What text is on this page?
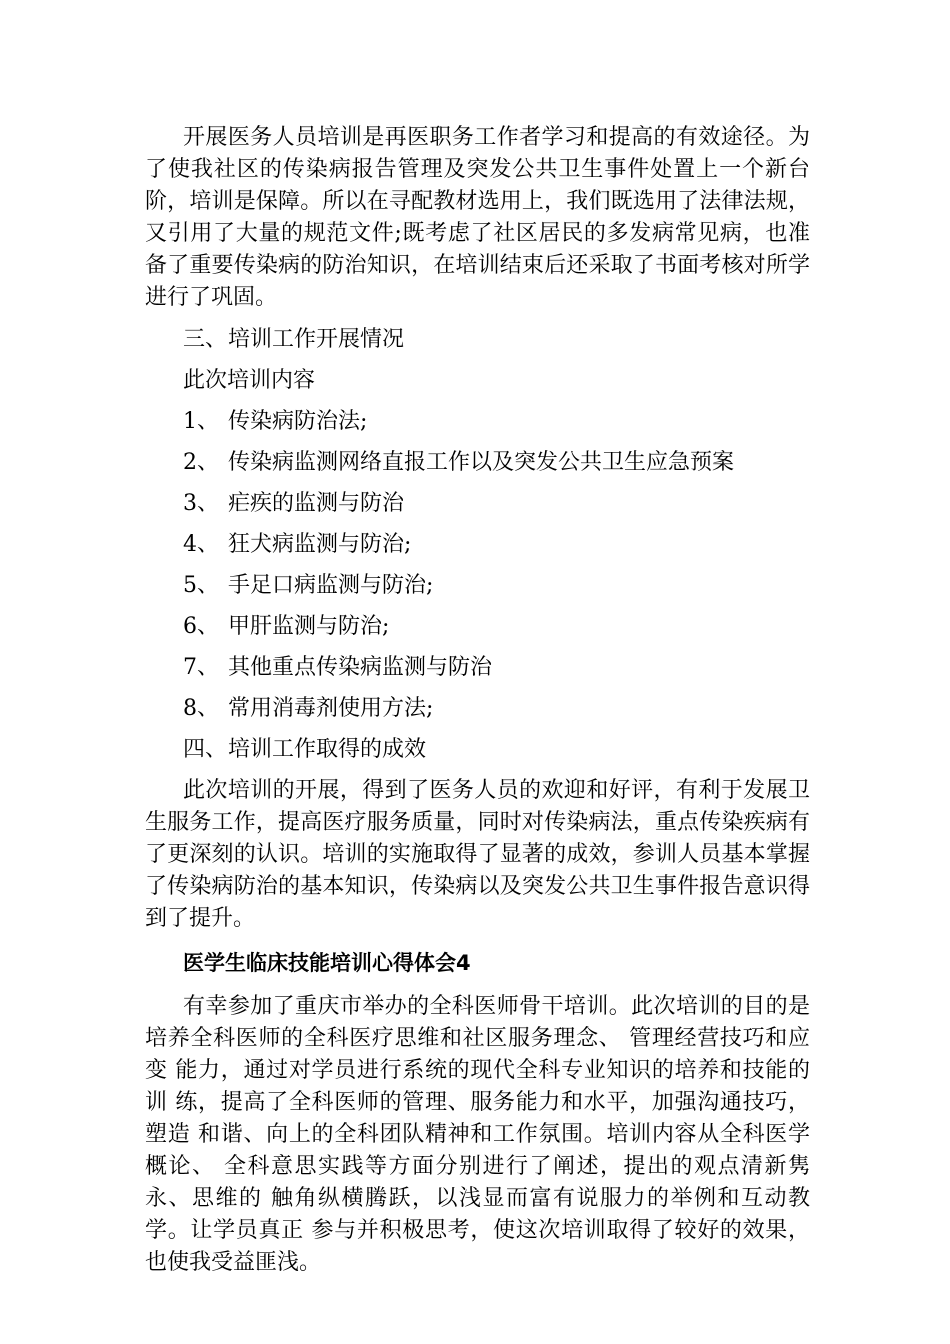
开展医务人员培训是再医职务工作者学习和提高的有效途径。为了使我社区的传染病报告管理及突发公共卫生事件处置上一个新台阶，培训是保障。所以在寻配教材选用上，我们既选用了法律法规，又引用了大量的规范文件;既考虑了社区居民的多发病常见病，也准备了重要传染病的防治知识，在培训结束后还采取了书面考核对所学进行了巩固。

三、培训工作开展情况
此次培训内容
1、 传染病防治法;
2、 传染病监测网络直报工作以及突发公共卫生应急预案
3、 疟疾的监测与防治
4、 狂犬病监测与防治;
5、 手足口病监测与防治;
6、 甲肝监测与防治;
7、 其他重点传染病监测与防治
8、 常用消毒剂使用方法;
四、培训工作取得的成效

此次培训的开展，得到了医务人员的欢迎和好评，有利于发展卫生服务工作，提高医疗服务质量，同时对传染病法，重点传染疾病有了更深刻的认识。培训的实施取得了显著的成效，参训人员基本掌握了传染病防治的基本知识，传染病以及突发公共卫生事件报告意识得到了提升。

医学生临床技能培训心得体会4

有幸参加了重庆市举办的全科医师骨干培训。此次培训的目的是 培养全科医师的全科医疗思维和社区服务理念、 管理经营技巧和应变 能力，通过对学员进行系统的现代全科专业知识的培养和技能的训 练，提高了全科医师的管理、服务能力和水平，加强沟通技巧，塑造 和谐、向上的全科团队精神和工作氛围。培训内容从全科医学概论、 全科意思实践等方面分别进行了阐述，提出的观点清新隽永、思维的 触角纵横腾跃，以浅显而富有说服力的举例和互动教学。让学员真正 参与并积极思考，使这次培训取得了较好的效果，也使我受益匪浅。
